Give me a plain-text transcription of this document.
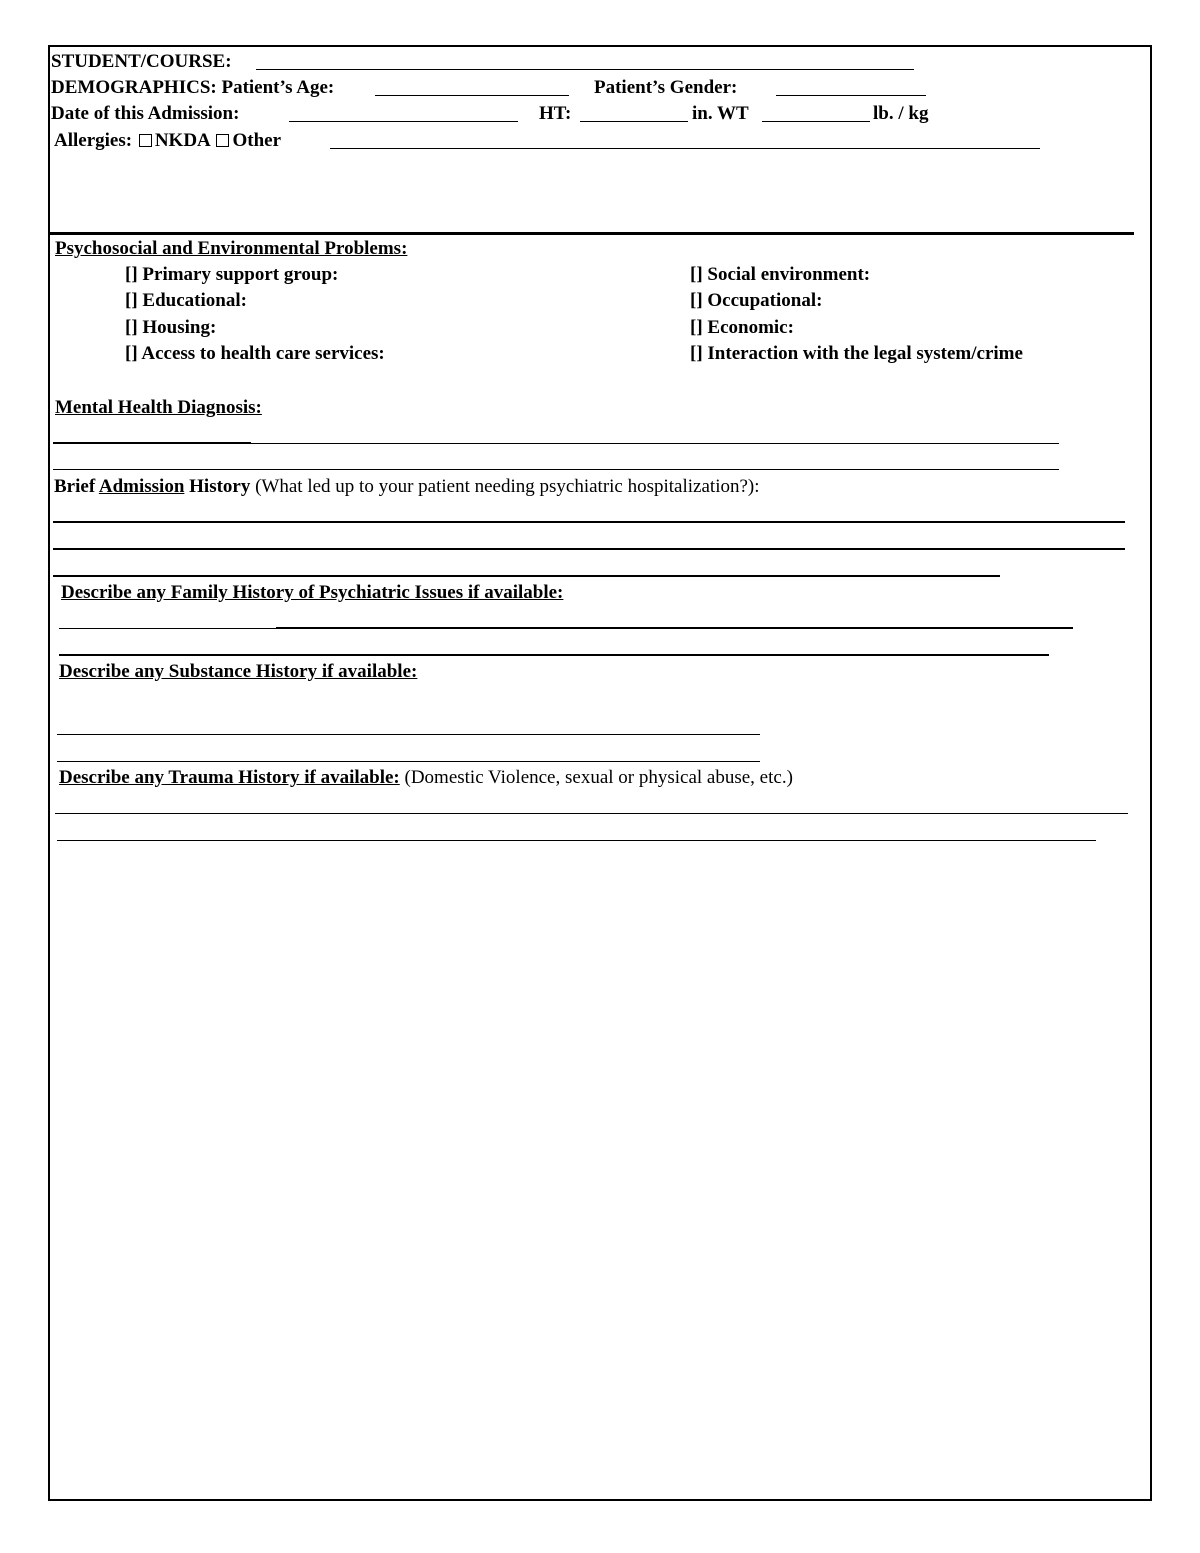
STUDENT/COURSE:
DEMOGRAPHICS: Patient’s Age:	Patient’s Gender:
Date of this Admission:	HT:	in. WT	lb. / kg
Allergies: NKDA Other
Psychosocial and Environmental Problems:
[] Primary support group:
[] Educational:
[] Housing:
[] Access to health care services:
[] Social environment:
[] Occupational:
[] Economic:
[] Interaction with the legal system/crime
Mental Health Diagnosis:
Brief Admission History (What led up to your patient needing psychiatric hospitalization?):
Describe any Family History of Psychiatric Issues if available:
Describe any Substance History if available:
Describe any Trauma History if available: (Domestic Violence, sexual or physical abuse, etc.)
